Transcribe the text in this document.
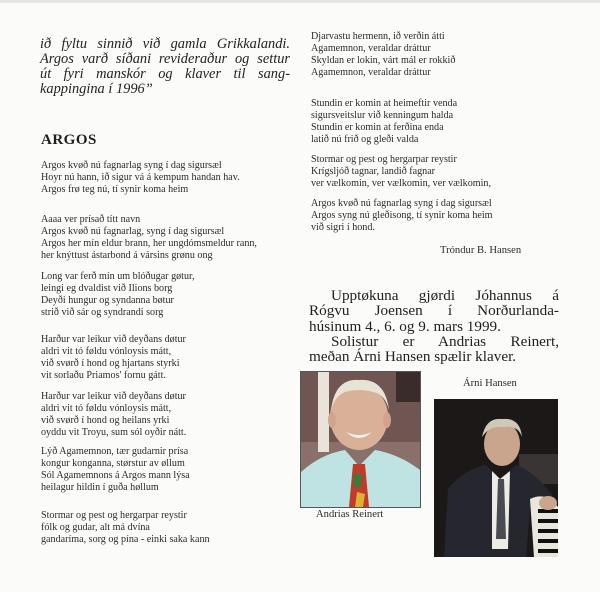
ið fyltu sinnið við gamla Grikkalandi.
Argos varð síðani revideraður og settur
út fyri manskór og klaver til sang-
kappingina í 1996”
ARGOS
Argos kvøð nú fagnarlag syng í dag sigursæl
Hoyr nú hann, ið sigur vá á kempum handan hav.
Argos frø teg nú, tí synir koma heim
Aaaa ver prísað títt navn
Argos kvøð nú fagnarlag, syng í dag sigursæl
Argos her mín eldur brann, her ungdómsmeldur rann,
her knýttust ástarbond á vársins grønu ong
Long var ferð mín um blóðugar gøtur,
leingi eg dvaldist við Ilions borg
Deyði hungur og syndanna bøtur
strið við sár og syndrandi sorg
Harður var leikur við deyðans døtur
aldri vit tó føldu vónloysis mátt,
við svørð í hond og hjartans styrki
vit sorlaðu Priamos' fornu gátt.
Harður var leikur við deyðans døtur
aldri vit tó føldu vónloysis mátt,
við svørð í hond og heilans yrki
oyddu vit Troyu, sum sól oyðir nátt.
Lýð Agamemnon, tær gudarnir prísa
kongur konganna, størstur av øllum
Sól Agamemnons á Argos mann lýsa
heilagur hildin í guða høllum
Stormar og pest og hergarpar reystir
fólk og gudar, alt má dvína
gandaríma, sorg og pína - einki saka kann
Djarvastu hermenn, ið verðin átti
Agamemnon, veraldar dráttur
Skyldan er lokin, várt mál er rokkið
Agamemnon, veraldar dráttur
Stundin er komin at heimeftir venda
sigursveitslur við kenningum halda
Stundin er komin at ferðina enda
latið nú frið og gleði valda
Stormar og pest og hergarpar reystir
Krígsljóð tagnar, landið fagnar
ver vælkomin, ver vælkomin, ver vælkomin,
Argos kvøð nú fagnarlag syng í dag sigursæl
Argos syng nú gleðisong, tí synir koma heim
við sigri í hond.
Tróndur B. Hansen
Upptøkuna gjørdi Jóhannus á
Rógvu Joensen í Norðurlanda-
húsinum 4., 6. og 9. mars 1999.
Solistur er Andrias Reinert,
meðan Árni Hansen spælir klaver.
Andrias Reinert
Árni Hansen
